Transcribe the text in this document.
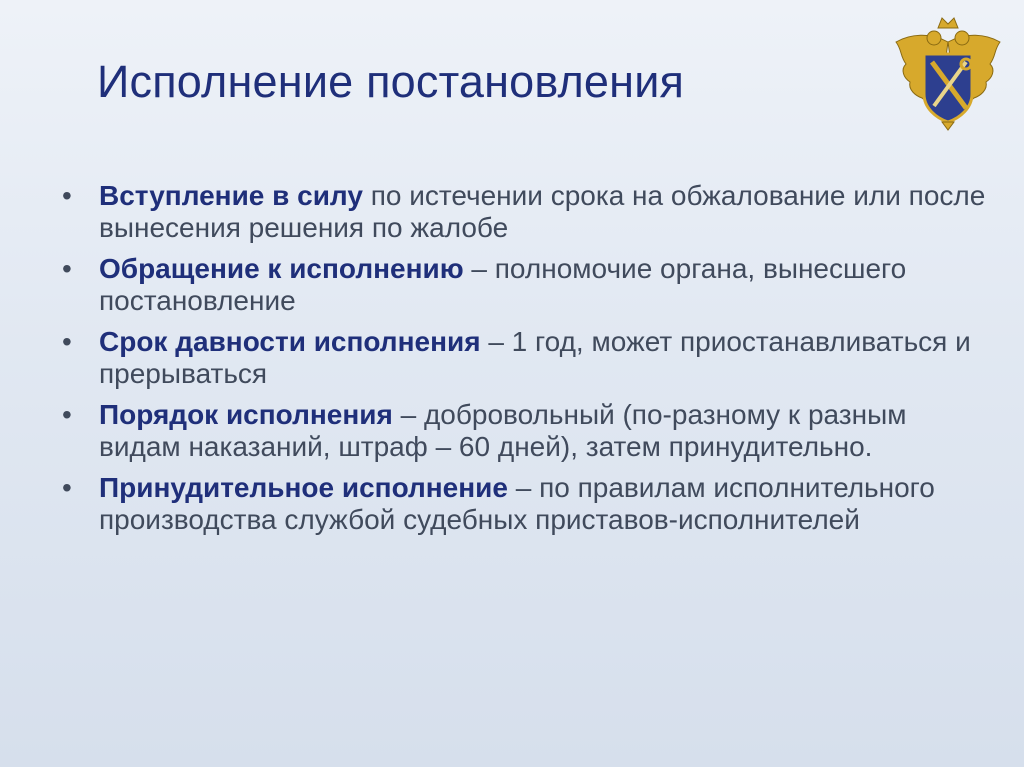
Исполнение постановления
• Вступление в силу по истечении срока на обжалование или после вынесения решения по жалобе
• Обращение к исполнению – полномочие органа, вынесшего постановление
• Срок давности исполнения – 1 год, может приостанавливаться и прерываться
• Порядок исполнения – добровольный (по-разному к разным видам наказаний, штраф – 60 дней), затем принудительно.
• Принудительное исполнение – по правилам исполнительного производства службой судебных приставов-исполнителей
